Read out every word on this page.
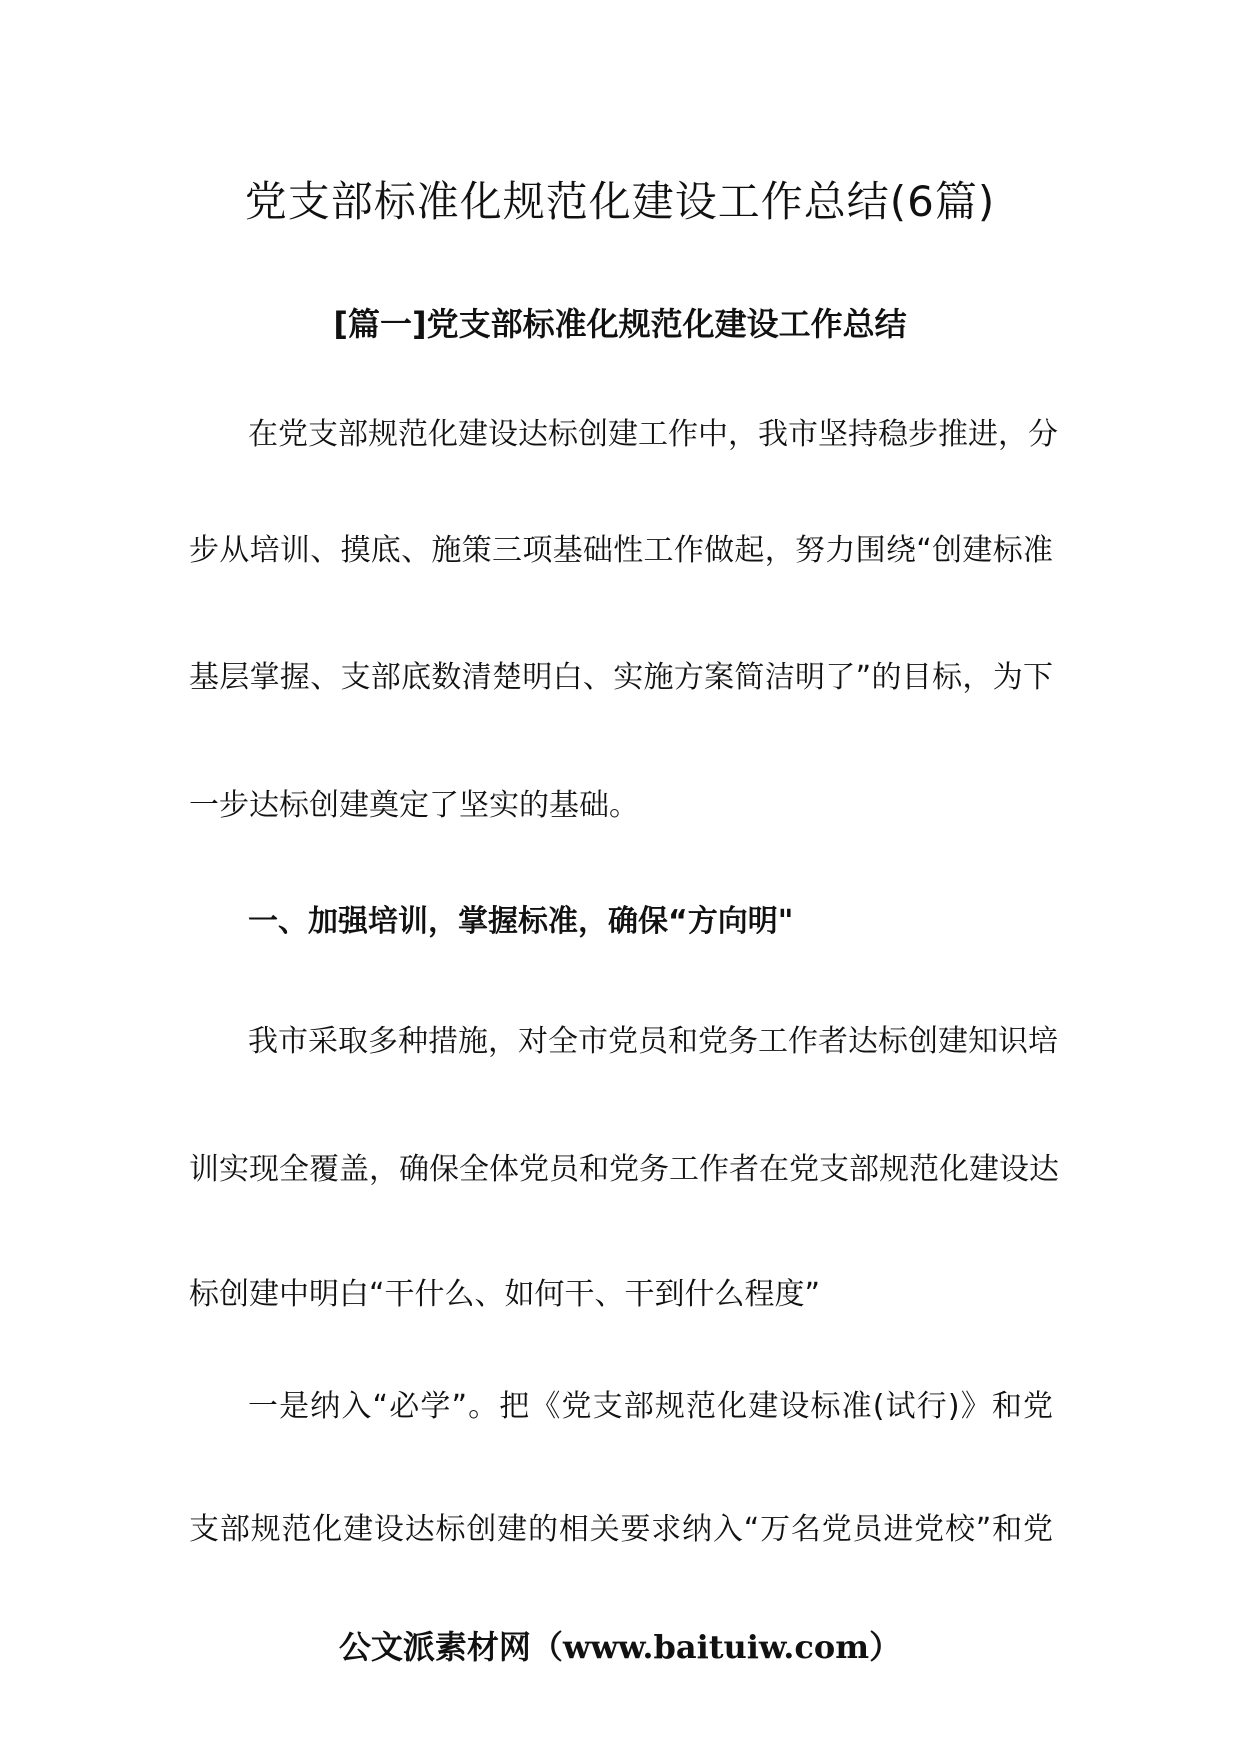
党支部标准化规范化建设工作总结(6篇)
[篇一]党支部标准化规范化建设工作总结

在党支部规范化建设达标创建工作中，我市坚持稳步推进，分

步从培训、摸底、施策三项基础性工作做起，努力围绕“创建标准

基层掌握、支部底数清楚明白、实施方案简洁明了”的目标，为下

一步达标创建奠定了坚实的基础。

一、加强培训，掌握标准，确保“方向明"

我市采取多种措施，对全市党员和党务工作者达标创建知识培

训实现全覆盖，确保全体党员和党务工作者在党支部规范化建设达

标创建中明白“干什么、如何干、干到什么程度”

一是纳入“必学”。把《党支部规范化建设标准(试行)》和党

支部规范化建设达标创建的相关要求纳入“万名党员进党校”和党

公文派素材网（www.baituiw.com）
